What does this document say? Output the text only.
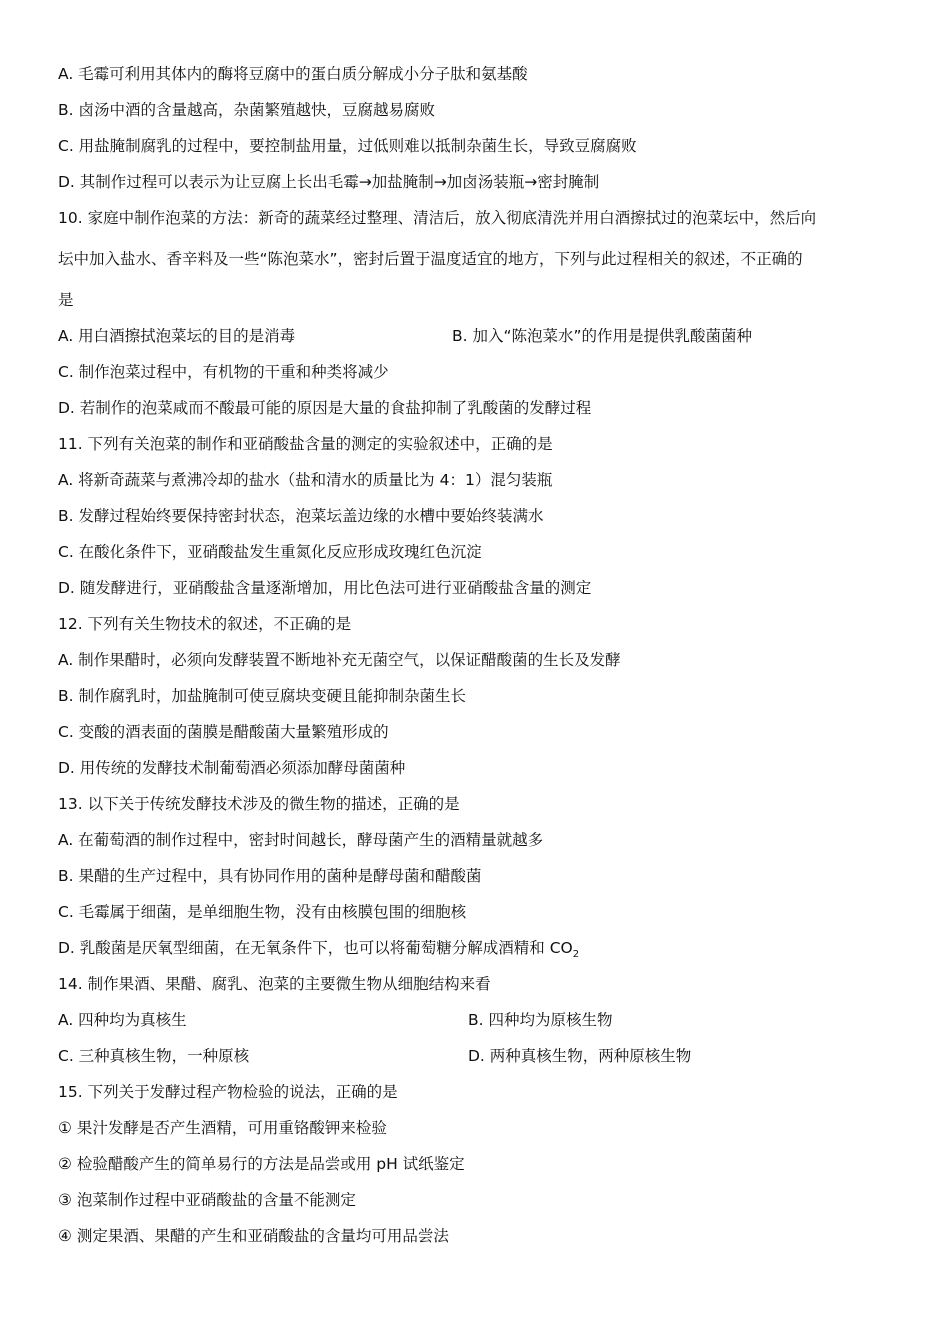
A. 毛霉可利用其体内的酶将豆腐中的蛋白质分解成小分子肽和氨基酸
B. 卤汤中酒的含量越高，杂菌繁殖越快，豆腐越易腐败
C. 用盐腌制腐乳的过程中，要控制盐用量，过低则难以抵制杂菌生长，导致豆腐腐败
D. 其制作过程可以表示为让豆腐上长出毛霉→加盐腌制→加卤汤装瓶→密封腌制
10. 家庭中制作泡菜的方法：新奇的蔬菜经过整理、清洁后，放入彻底清洗并用白酒擦拭过的泡菜坛中，然后向
坛中加入盐水、香辛料及一些“陈泡菜水”，密封后置于温度适宜的地方，下列与此过程相关的叙述，不正确的
是
A. 用白酒擦拭泡菜坛的目的是消毒	B. 加入“陈泡菜水”的作用是提供乳酸菌菌种
C. 制作泡菜过程中，有机物的干重和种类将减少
D. 若制作的泡菜咸而不酸最可能的原因是大量的食盐抑制了乳酸菌的发酵过程
11. 下列有关泡菜的制作和亚硝酸盐含量的测定的实验叙述中，正确的是
A. 将新奇蔬菜与煮沸冷却的盐水（盐和清水的质量比为 4：1）混匀装瓶
B. 发酵过程始终要保持密封状态，泡菜坛盖边缘的水槽中要始终装满水
C. 在酸化条件下，亚硝酸盐发生重氮化反应形成玫瑰红色沉淀
D. 随发酵进行，亚硝酸盐含量逐渐增加，用比色法可进行亚硝酸盐含量的测定
12. 下列有关生物技术的叙述，不正确的是
A. 制作果醋时，必须向发酵装置不断地补充无菌空气，以保证醋酸菌的生长及发酵
B. 制作腐乳时，加盐腌制可使豆腐块变硬且能抑制杂菌生长
C. 变酸的酒表面的菌膜是醋酸菌大量繁殖形成的
D. 用传统的发酵技术制葡萄酒必须添加酵母菌菌种
13. 以下关于传统发酵技术涉及的微生物的描述，正确的是
A. 在葡萄酒的制作过程中，密封时间越长，酵母菌产生的酒精量就越多
B. 果醋的生产过程中，具有协同作用的菌种是酵母菌和醋酸菌
C. 毛霉属于细菌，是单细胞生物，没有由核膜包围的细胞核
D. 乳酸菌是厌氧型细菌，在无氧条件下，也可以将葡萄糖分解成酒精和 $CO_2$
14. 制作果酒、果醋、腐乳、泡菜的主要微生物从细胞结构来看
A. 四种均为真核生	B. 四种均为原核生物
C. 三种真核生物，一种原核	D. 两种真核生物，两种原核生物
15. 下列关于发酵过程产物检验的说法，正确的是
① 果汁发酵是否产生酒精，可用重铬酸钾来检验
② 检验醋酸产生的简单易行的方法是品尝或用 pH 试纸鉴定
③ 泡菜制作过程中亚硝酸盐的含量不能测定
④ 测定果酒、果醋的产生和亚硝酸盐的含量均可用品尝法
